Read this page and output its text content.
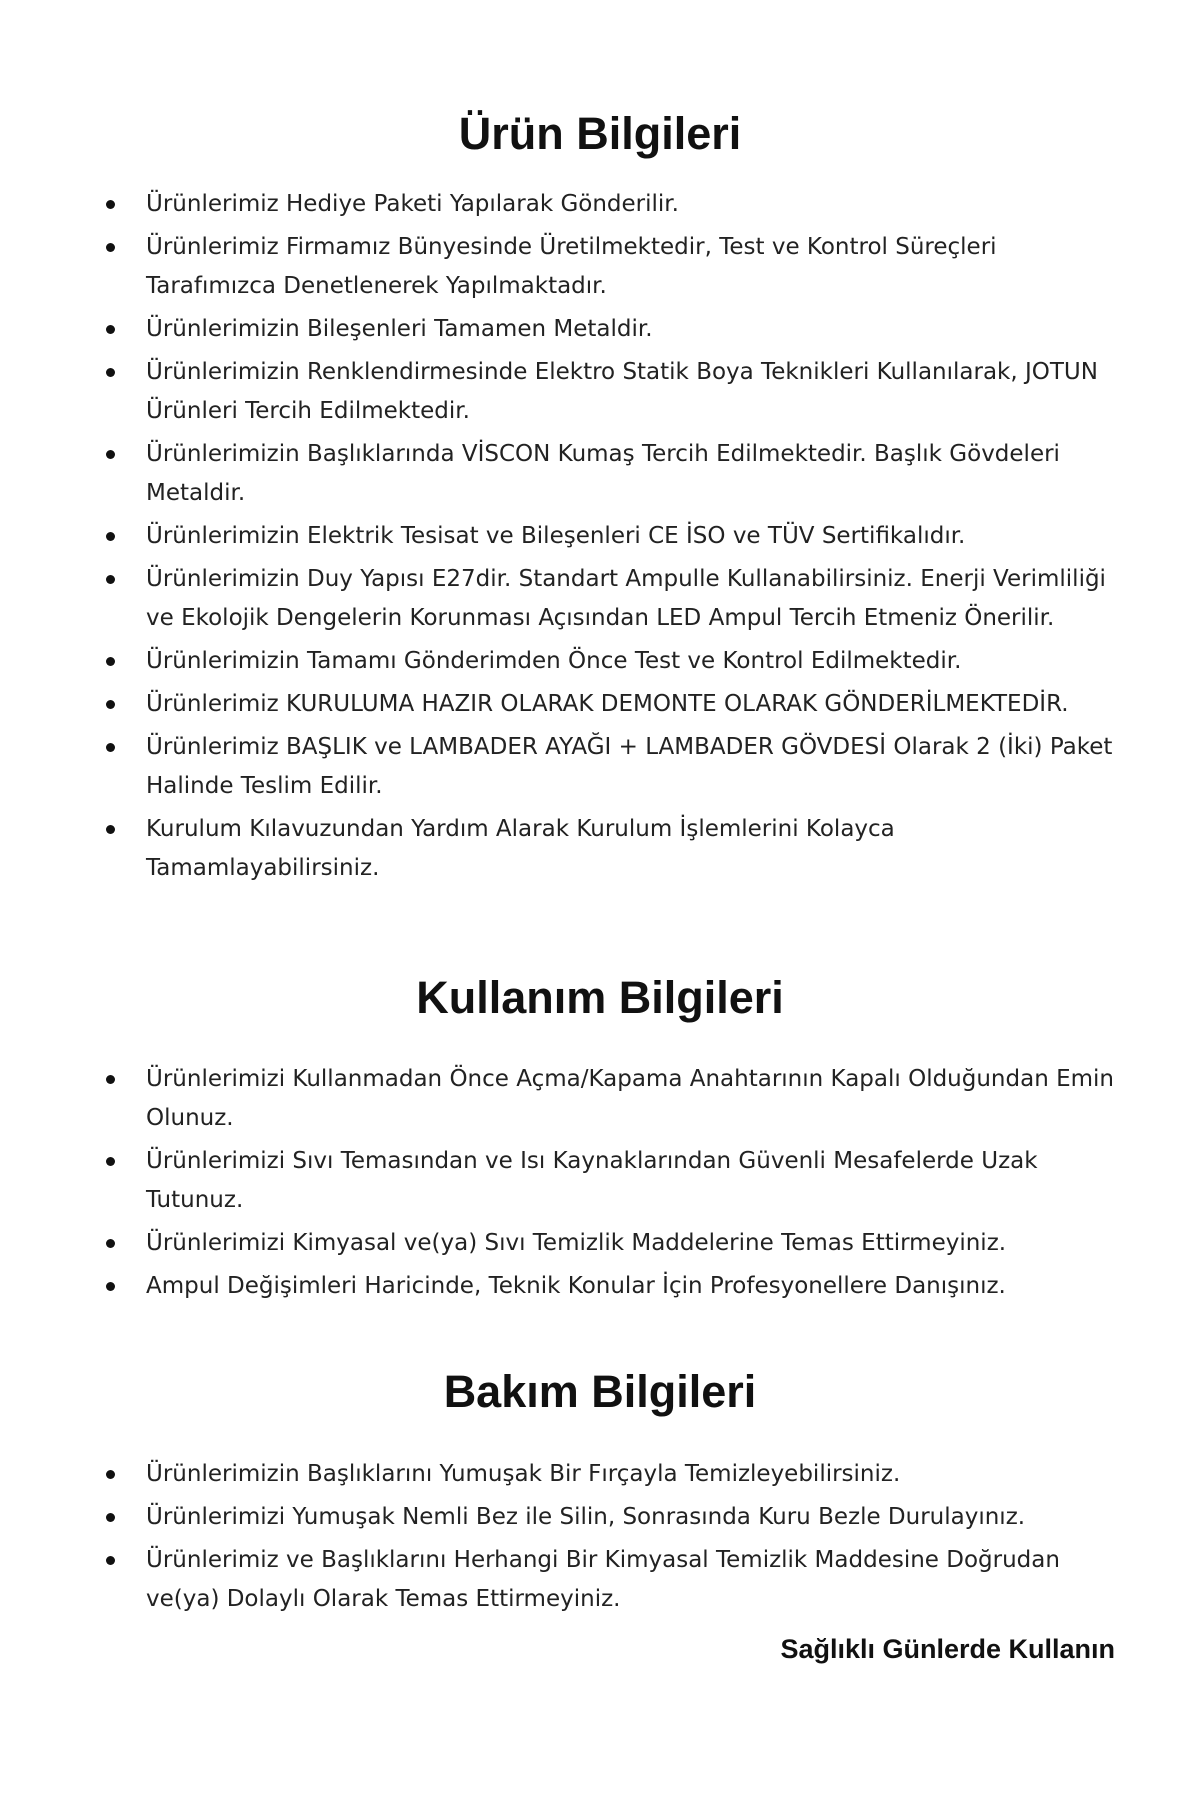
Ürün Bilgileri
Ürünlerimiz Hediye Paketi Yapılarak Gönderilir.
Ürünlerimiz Firmamız Bünyesinde Üretilmektedir, Test ve Kontrol Süreçleri Tarafımızca Denetlenerek Yapılmaktadır.
Ürünlerimizin Bileşenleri Tamamen Metaldir.
Ürünlerimizin Renklendirmesinde Elektro Statik Boya Teknikleri Kullanılarak, JOTUN Ürünleri Tercih Edilmektedir.
Ürünlerimizin Başlıklarında VİSCON Kumaş Tercih Edilmektedir. Başlık Gövdeleri Metaldir.
Ürünlerimizin Elektrik Tesisat ve Bileşenleri CE İSO ve TÜV Sertifikalıdır.
Ürünlerimizin Duy Yapısı E27dir. Standart Ampulle Kullanabilirsiniz. Enerji Verimliliği ve Ekolojik Dengelerin Korunması Açısından LED Ampul Tercih Etmeniz Önerilir.
Ürünlerimizin Tamamı Gönderimden Önce Test ve Kontrol Edilmektedir.
Ürünlerimiz KURULUMA HAZIR OLARAK DEMONTE OLARAK GÖNDERİLMEKTEDİR.
Ürünlerimiz BAŞLIK ve LAMBADER AYAĞI + LAMBADER GÖVDESİ Olarak 2 (İki) Paket Halinde Teslim Edilir.
Kurulum Kılavuzundan Yardım Alarak Kurulum İşlemlerini Kolayca Tamamlayabilirsiniz.
Kullanım Bilgileri
Ürünlerimizi Kullanmadan Önce Açma/Kapama Anahtarının Kapalı Olduğundan Emin Olunuz.
Ürünlerimizi Sıvı Temasından ve Isı Kaynaklarından Güvenli Mesafelerde Uzak Tutunuz.
Ürünlerimizi Kimyasal ve(ya) Sıvı Temizlik Maddelerine Temas Ettirmeyiniz.
Ampul Değişimleri Haricinde, Teknik Konular İçin Profesyonellere Danışınız.
Bakım Bilgileri
Ürünlerimizin Başlıklarını Yumuşak Bir Fırçayla Temizleyebilirsiniz.
Ürünlerimizi Yumuşak Nemli Bez ile Silin, Sonrasında Kuru Bezle Durulayınız.
Ürünlerimiz ve Başlıklarını Herhangi Bir Kimyasal Temizlik Maddesine Doğrudan ve(ya) Dolaylı Olarak Temas Ettirmeyiniz.
Sağlıklı Günlerde Kullanın
